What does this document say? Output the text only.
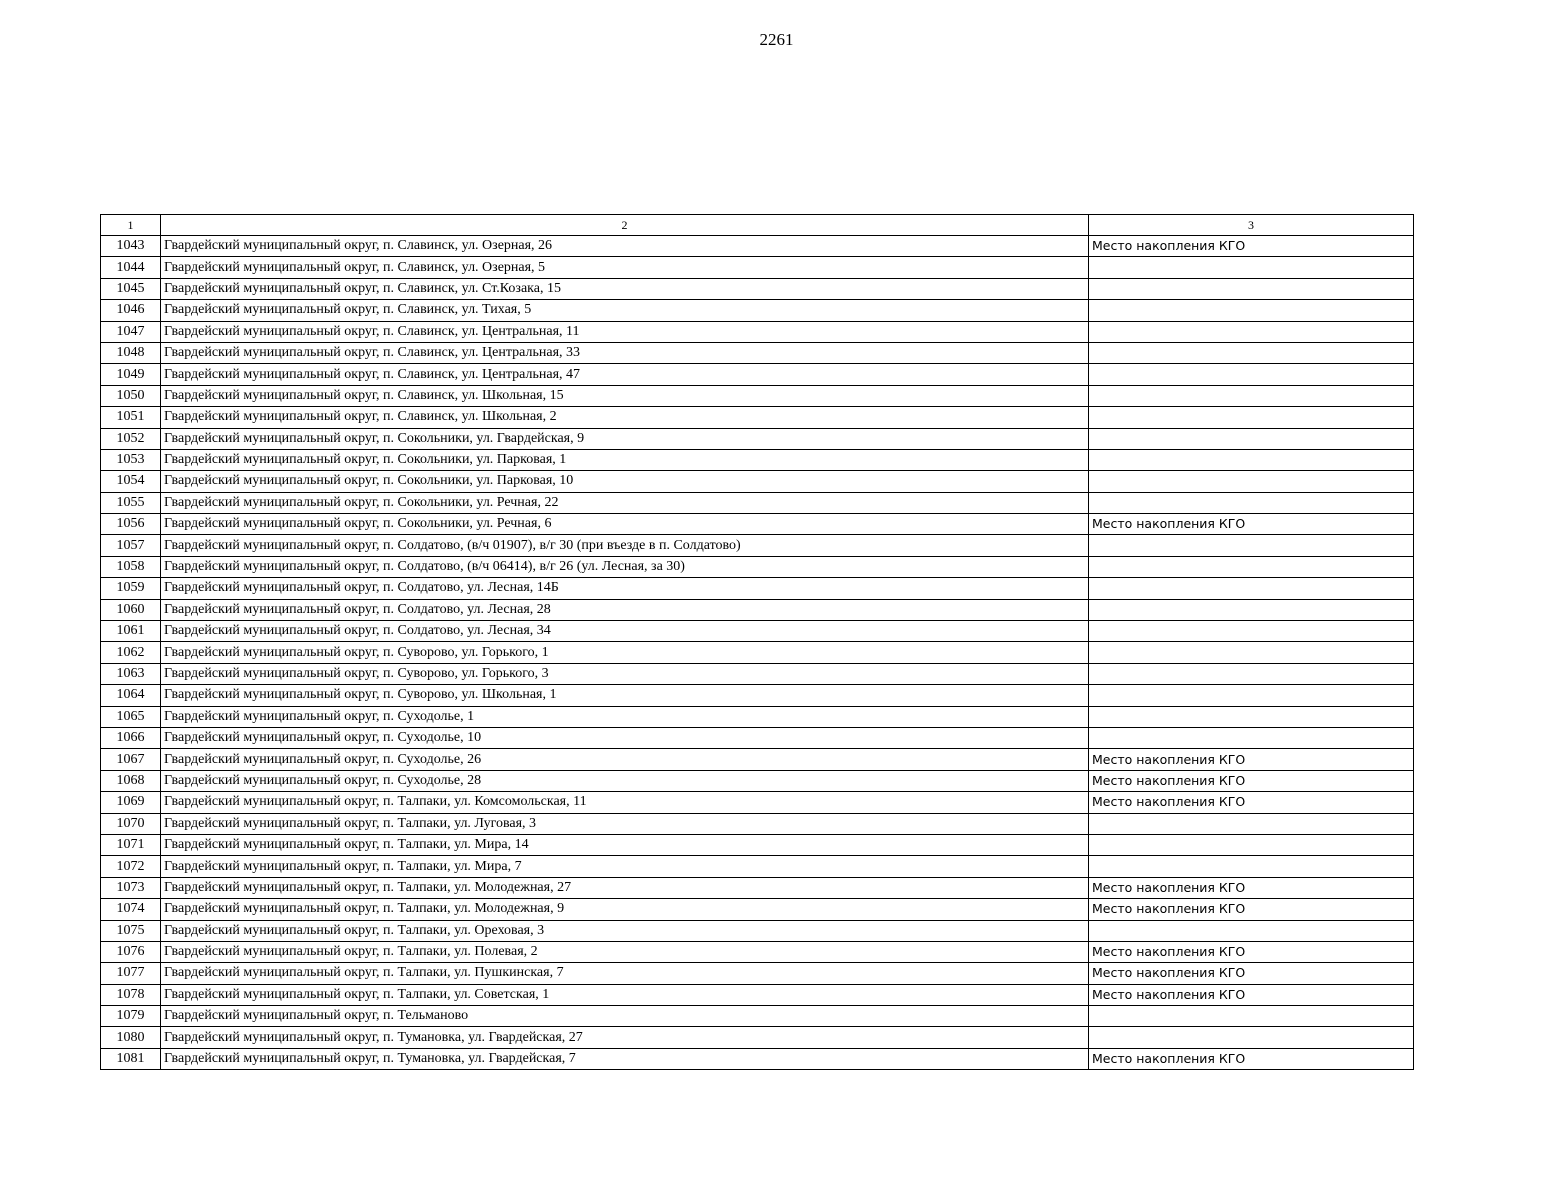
2261
1	2	3
1043	Гвардейский муниципальный округ, п. Славинск, ул. Озерная, 26	Место накопления КГО
1044	Гвардейский муниципальный округ, п. Славинск, ул. Озерная, 5	
1045	Гвардейский муниципальный округ, п. Славинск, ул. Ст.Козака, 15	
1046	Гвардейский муниципальный округ, п. Славинск, ул. Тихая, 5	
1047	Гвардейский муниципальный округ, п. Славинск, ул. Центральная, 11	
1048	Гвардейский муниципальный округ, п. Славинск, ул. Центральная, 33	
1049	Гвардейский муниципальный округ, п. Славинск, ул. Центральная, 47	
1050	Гвардейский муниципальный округ, п. Славинск, ул. Школьная, 15	
1051	Гвардейский муниципальный округ, п. Славинск, ул. Школьная, 2	
1052	Гвардейский муниципальный округ, п. Сокольники, ул. Гвардейская, 9	
1053	Гвардейский муниципальный округ, п. Сокольники, ул. Парковая, 1	
1054	Гвардейский муниципальный округ, п. Сокольники, ул. Парковая, 10	
1055	Гвардейский муниципальный округ, п. Сокольники, ул. Речная, 22	
1056	Гвардейский муниципальный округ, п. Сокольники, ул. Речная, 6	Место накопления КГО
1057	Гвардейский муниципальный округ, п. Солдатово, (в/ч 01907), в/г 30 (при въезде в п. Солдатово)	
1058	Гвардейский муниципальный округ, п. Солдатово, (в/ч 06414), в/г 26 (ул. Лесная, за 30)	
1059	Гвардейский муниципальный округ, п. Солдатово, ул. Лесная, 14Б	
1060	Гвардейский муниципальный округ, п. Солдатово, ул. Лесная, 28	
1061	Гвардейский муниципальный округ, п. Солдатово, ул. Лесная, 34	
1062	Гвардейский муниципальный округ, п. Суворово, ул. Горького, 1	
1063	Гвардейский муниципальный округ, п. Суворово, ул. Горького, 3	
1064	Гвардейский муниципальный округ, п. Суворово, ул. Школьная, 1	
1065	Гвардейский муниципальный округ, п. Суходолье, 1	
1066	Гвардейский муниципальный округ, п. Суходолье, 10	
1067	Гвардейский муниципальный округ, п. Суходолье, 26	Место накопления КГО
1068	Гвардейский муниципальный округ, п. Суходолье, 28	Место накопления КГО
1069	Гвардейский муниципальный округ, п. Талпаки, ул. Комсомольская, 11	Место накопления КГО
1070	Гвардейский муниципальный округ, п. Талпаки, ул. Луговая, 3	
1071	Гвардейский муниципальный округ, п. Талпаки, ул. Мира, 14	
1072	Гвардейский муниципальный округ, п. Талпаки, ул. Мира, 7	
1073	Гвардейский муниципальный округ, п. Талпаки, ул. Молодежная, 27	Место накопления КГО
1074	Гвардейский муниципальный округ, п. Талпаки, ул. Молодежная, 9	Место накопления КГО
1075	Гвардейский муниципальный округ, п. Талпаки, ул. Ореховая, 3	
1076	Гвардейский муниципальный округ, п. Талпаки, ул. Полевая, 2	Место накопления КГО
1077	Гвардейский муниципальный округ, п. Талпаки, ул. Пушкинская, 7	Место накопления КГО
1078	Гвардейский муниципальный округ, п. Талпаки, ул. Советская, 1	Место накопления КГО
1079	Гвардейский муниципальный округ, п. Тельманово	
1080	Гвардейский муниципальный округ, п. Тумановка, ул. Гвардейская, 27	
1081	Гвардейский муниципальный округ, п. Тумановка, ул. Гвардейская, 7	Место накопления КГО
